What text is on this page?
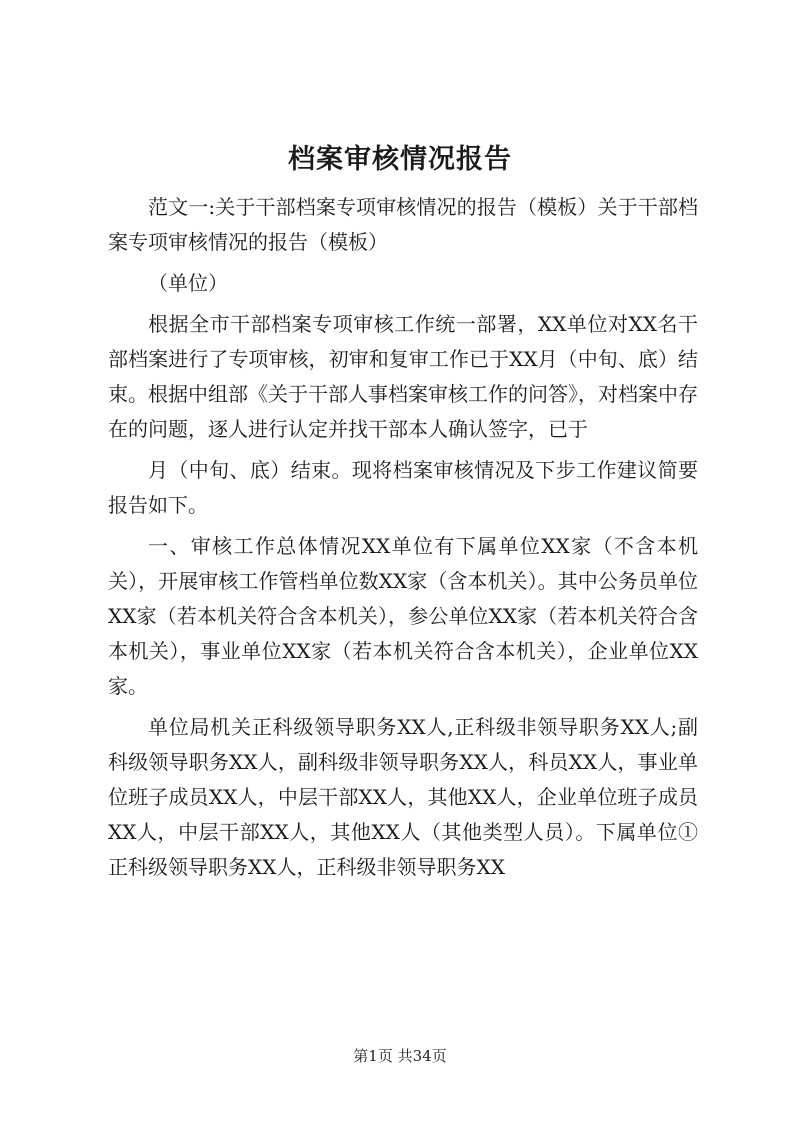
档案审核情况报告

范文一:关于干部档案专项审核情况的报告（模板）关于干部档案专项审核情况的报告（模板）

（单位）

根据全市干部档案专项审核工作统一部署，XX单位对XX名干部档案进行了专项审核，初审和复审工作已于XX月（中旬、底）结束。根据中组部《关于干部人事档案审核工作的问答》，对档案中存在的问题，逐人进行认定并找干部本人确认签字，已于

月（中旬、底）结束。现将档案审核情况及下步工作建议简要报告如下。

一、审核工作总体情况XX单位有下属单位XX家（不含本机关），开展审核工作管档单位数XX家（含本机关）。其中公务员单位XX家（若本机关符合含本机关），参公单位XX家（若本机关符合含本机关），事业单位XX家（若本机关符合含本机关），企业单位XX家。

单位局机关正科级领导职务XX人,正科级非领导职务XX人;副科级领导职务XX人，副科级非领导职务XX人，科员XX人，事业单位班子成员XX人，中层干部XX人，其他XX人，企业单位班子成员XX人，中层干部XX人，其他XX人（其他类型人员）。下属单位①正科级领导职务XX人，正科级非领导职务XX

第1页 共34页
